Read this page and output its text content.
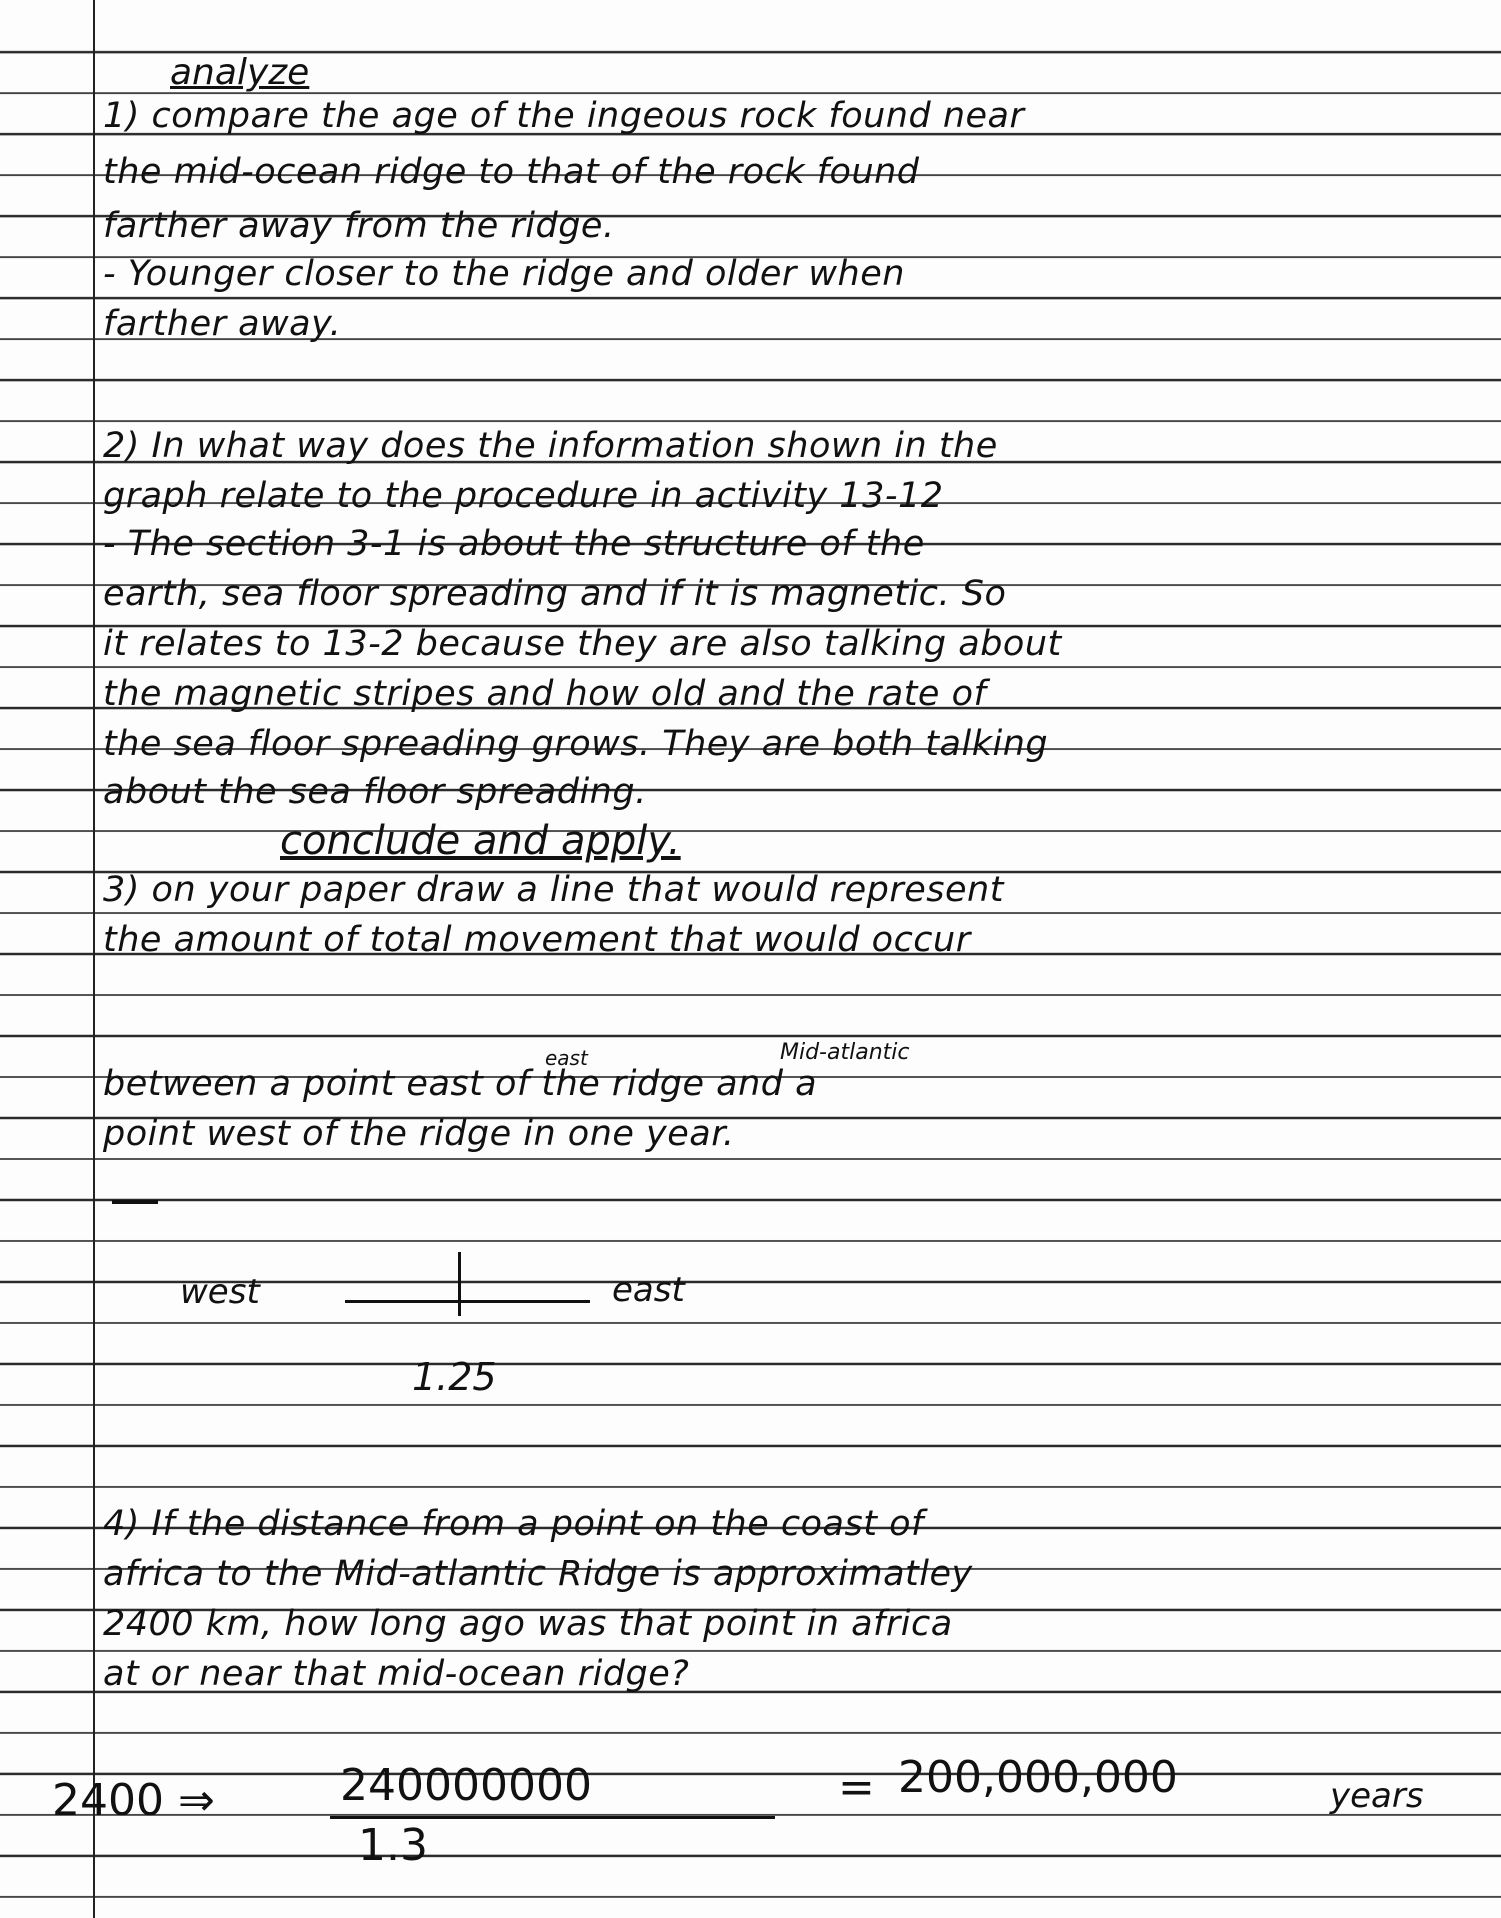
analyze
1) compare the age of the ingeous rock found near
the mid-ocean ridge to that of the rock found
farther away from the ridge.
- Younger closer to the ridge and older when
farther away.
2) In what way does the information shown in the
graph relate to the procedure in activity 13-12
- The section 3-1 is about the structure of the
earth, sea floor spreading and if it is magnetic. So
it relates to 13-2 because they are also talking about
the magnetic stripes and how old and the rate of
the sea floor spreading grows. They are both talking
about the sea floor spreading.
conclude and apply.
3) on your paper draw a line that would represent
the amount of total movement that would occur
east	Mid-atlantic
between a point east of the ridge and a
point west of the ridge in one year.
west	east
1.25
4) If the distance from a point on the coast of
africa to the Mid-atlantic Ridge is approximatley
2400 km, how long ago was that point in africa
at or near that mid-ocean ridge?
2400 ⇒	240000000
1.3
= 200,000,000	years
